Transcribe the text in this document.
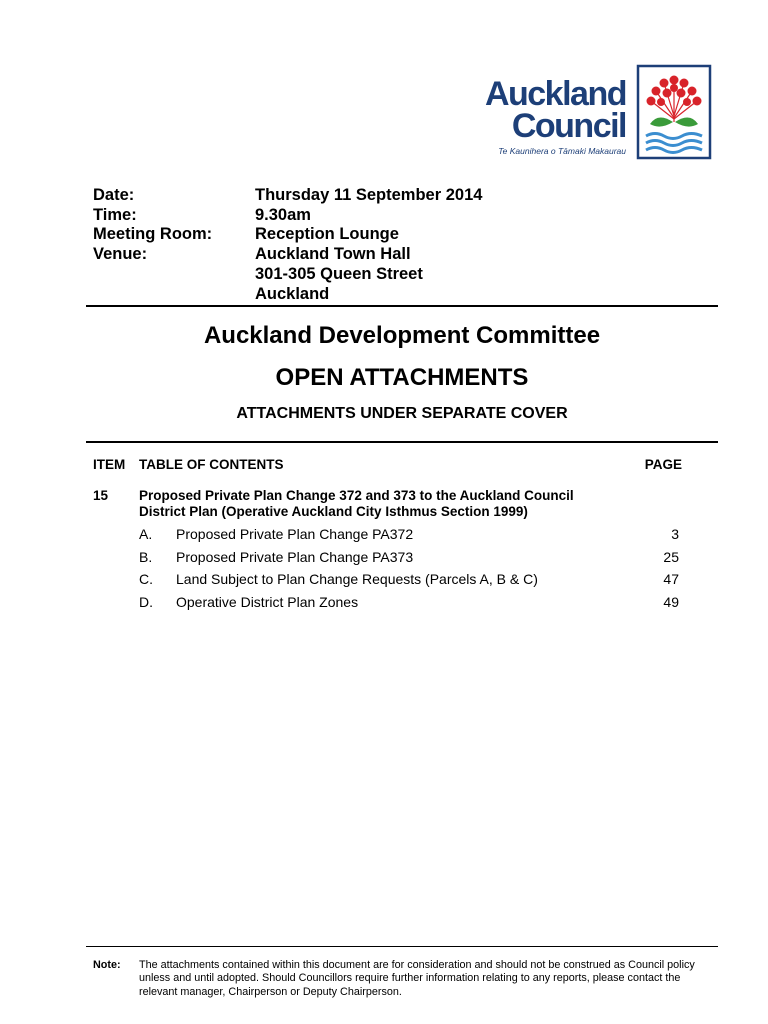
Auckland
Council
Te Kaunihera o Tāmaki Makaurau
Date:	Thursday 11 September 2014
Time:	9.30am
Meeting Room:	Reception Lounge
Venue:	Auckland Town Hall
301-305 Queen Street
Auckland
Auckland Development Committee
OPEN ATTACHMENTS
ATTACHMENTS UNDER SEPARATE COVER
ITEM TABLE OF CONTENTS	PAGE
15 Proposed Private Plan Change 372 and 373 to the Auckland Council District Plan (Operative Auckland City Isthmus Section 1999)
A. Proposed Private Plan Change PA372	3
B. Proposed Private Plan Change PA373	25
C. Land Subject to Plan Change Requests (Parcels A, B & C)	47
D. Operative District Plan Zones	49
Note: The attachments contained within this document are for consideration and should not be construed as Council policy unless and until adopted. Should Councillors require further information relating to any reports, please contact the relevant manager, Chairperson or Deputy Chairperson.
